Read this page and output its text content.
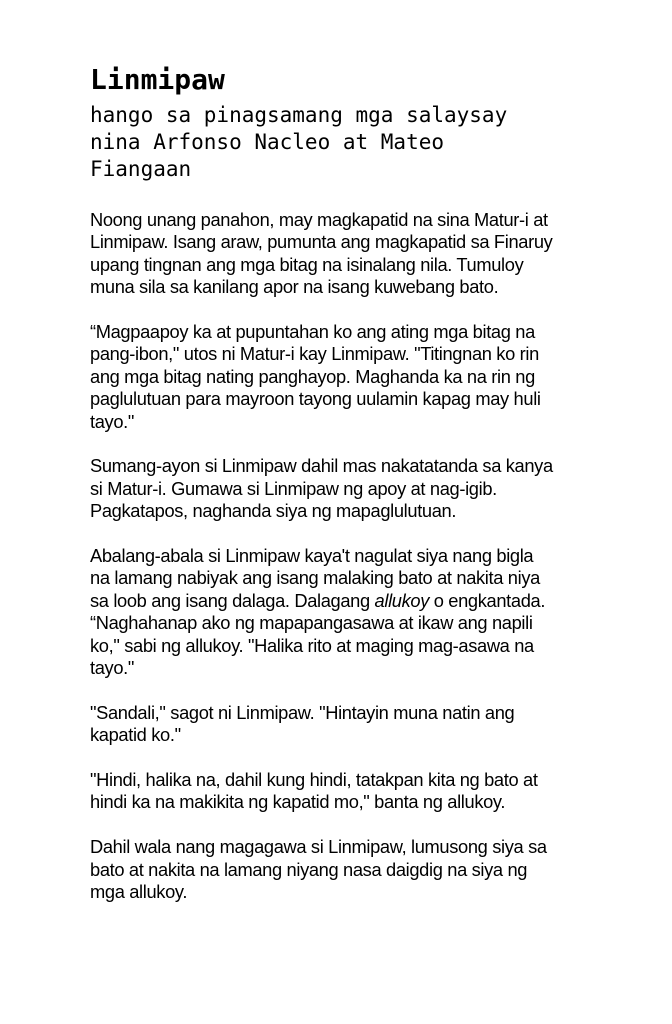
Linmipaw
hango sa pinagsamang mga salaysaynina Arfonso Nacleo at MateoFiangaan

Noong unang panahon, may magkapatid na sina Matur-i atLinmipaw. Isang araw, pumunta ang magkapatid sa Finaruyupang tingnan ang mga bitag na isinalang nila. Tumuloymuna sila sa kanilang apor na isang kuwebang bato.

“Magpaapoy ka at pupuntahan ko ang ating mga bitag napang-ibon," utos ni Matur-i kay Linmipaw. "Titingnan ko rinang mga bitag nating panghayop. Maghanda ka na rin ngpaglulutuan para mayroon tayong uulamin kapag may hulitayo."

Sumang-ayon si Linmipaw dahil mas nakatatanda sa kanyasi Matur-i. Gumawa si Linmipaw ng apoy at nag-igib.Pagkatapos, naghanda siya ng mapaglulutuan.

Abalang-abala si Linmipaw kaya't nagulat siya nang biglana lamang nabiyak ang isang malaking bato at nakita niyasa loob ang isang dalaga. Dalagang allukoy o engkantada.“Naghahanap ako ng mapapangasawa at ikaw ang napiliko," sabi ng allukoy. "Halika rito at maging mag-asawa natayo."

"Sandali," sagot ni Linmipaw. "Hintayin muna natin angkapatid ko."

"Hindi, halika na, dahil kung hindi, tatakpan kita ng bato athindi ka na makikita ng kapatid mo," banta ng allukoy.

Dahil wala nang magagawa si Linmipaw, lumusong siya sabato at nakita na lamang niyang nasa daigdig na siya ngmga allukoy.
